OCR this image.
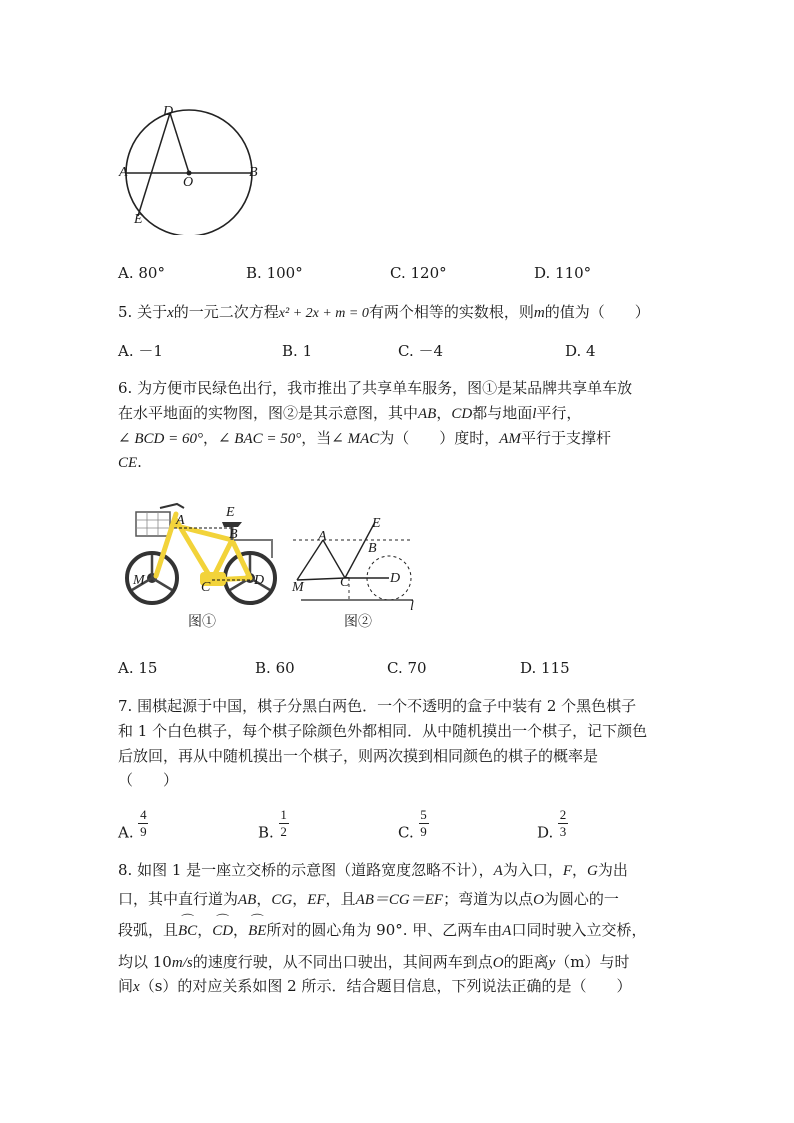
D
A
O
B
E
A. 80°	B. 100°	C. 120°	D. 110°
5. 关于x的一元二次方程x² + 2x + m = 0有两个相等的实数根，则m的值为（　　）
A. －1	B. 1	C. －4	D. 4
6. 为方便市民绿色出行，我市推出了共享单车服务，图①是某品牌共享单车放
在水平地面的实物图，图②是其示意图，其中AB，CD都与地面l平行，
∠ BCD = 60°，∠ BAC = 50°，当∠ MAC为（　　）度时，AM平行于支撑杆
CE.
E
A
B
M	C	D
图①
E
A
B
C	D
M
l
图②
A. 15	B. 60	C. 70	D. 115
7. 围棋起源于中国，棋子分黑白两色．一个不透明的盒子中装有 2 个黑色棋子
和 1 个白色棋子，每个棋子除颜色外都相同．从中随机摸出一个棋子，记下颜色
后放回，再从中随机摸出一个棋子，则两次摸到相同颜色的棋子的概率是
（　　）
A. $\frac{4}{9}$	B. $\frac{1}{2}$	C. $\frac{5}{9}$	D. $\frac{2}{3}$
8. 如图 1 是一座立交桥的示意图（道路宽度忽略不计），A为入口，F，G为出
口，其中直行道为AB，CG，EF，且AB＝CG＝EF；弯道为以点O为圆心的一
段弧，且⌒ BC，⌒ CD，⌒ BE所对的圆心角为 90°. 甲、乙两车由A口同时驶入立交桥，
均以 10m/s的速度行驶，从不同出口驶出，其间两车到点O的距离y（m）与时
间x（s）的对应关系如图 2 所示．结合题目信息，下列说法正确的是（　　）
